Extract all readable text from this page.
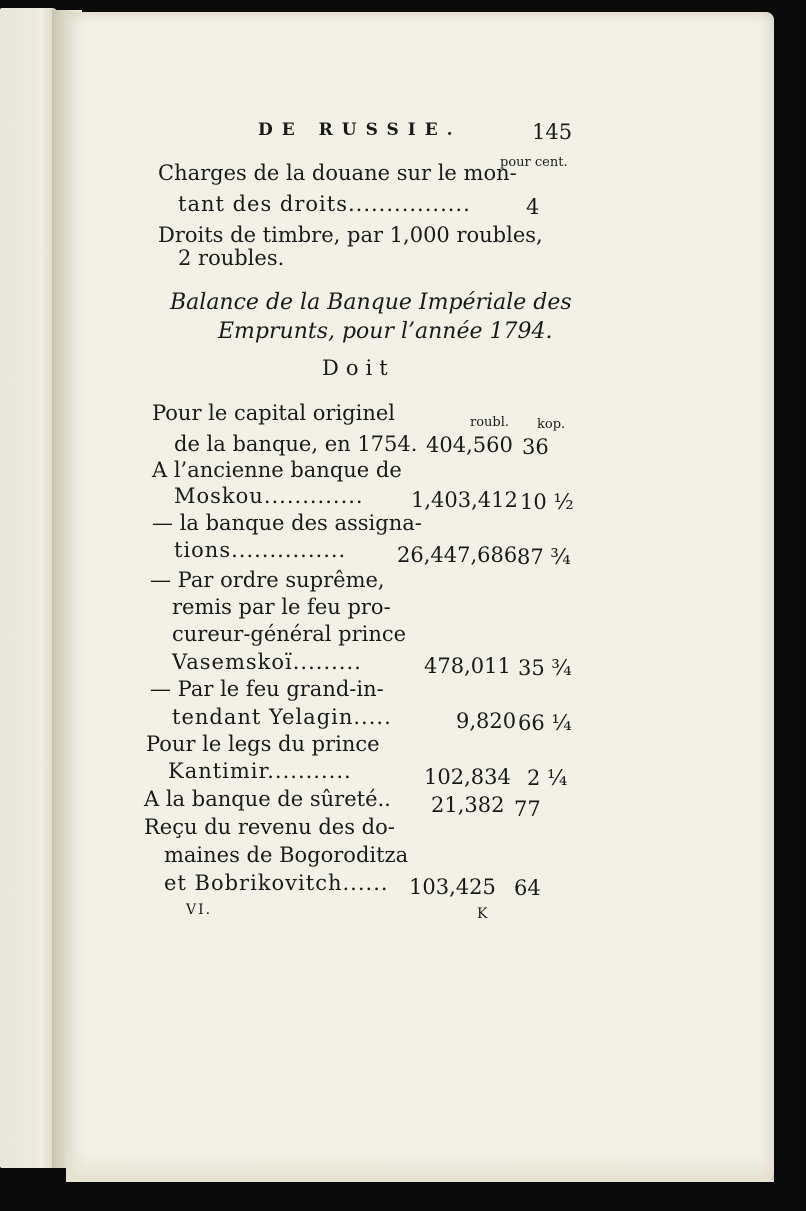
DE RUSSIE.	145
pour cent.
Charges de la douane sur le mon-
tant des droits................	4
Droits de timbre, par 1,000 roubles,
2 roubles.
Balance de la Banque Impériale des
Emprunts, pour l’année 1794.
Doit
roubl. kop.
Pour le capital originel
de la banque, en 1754. 404,560 36
A l’ancienne banque de
Moskou............. 1,403,412 10 ½
— la banque des assigna-
tions............... 26,447,686 87 ¾
— Par ordre suprême,
remis par le feu pro-
cureur-général prince
Vasemskoï.........	478,011 35 ¾
— Par le feu grand-in-
tendant Yelagin.....	9,820 66 ¼
Pour le legs du prince
Kantimir...........	102,834 2 ¼
A la banque de sûreté.. 21,382 77
Reçu du revenu des do-
maines de Bogoroditza
et Bobrikovitch...... 103,425 64
VI.	K
